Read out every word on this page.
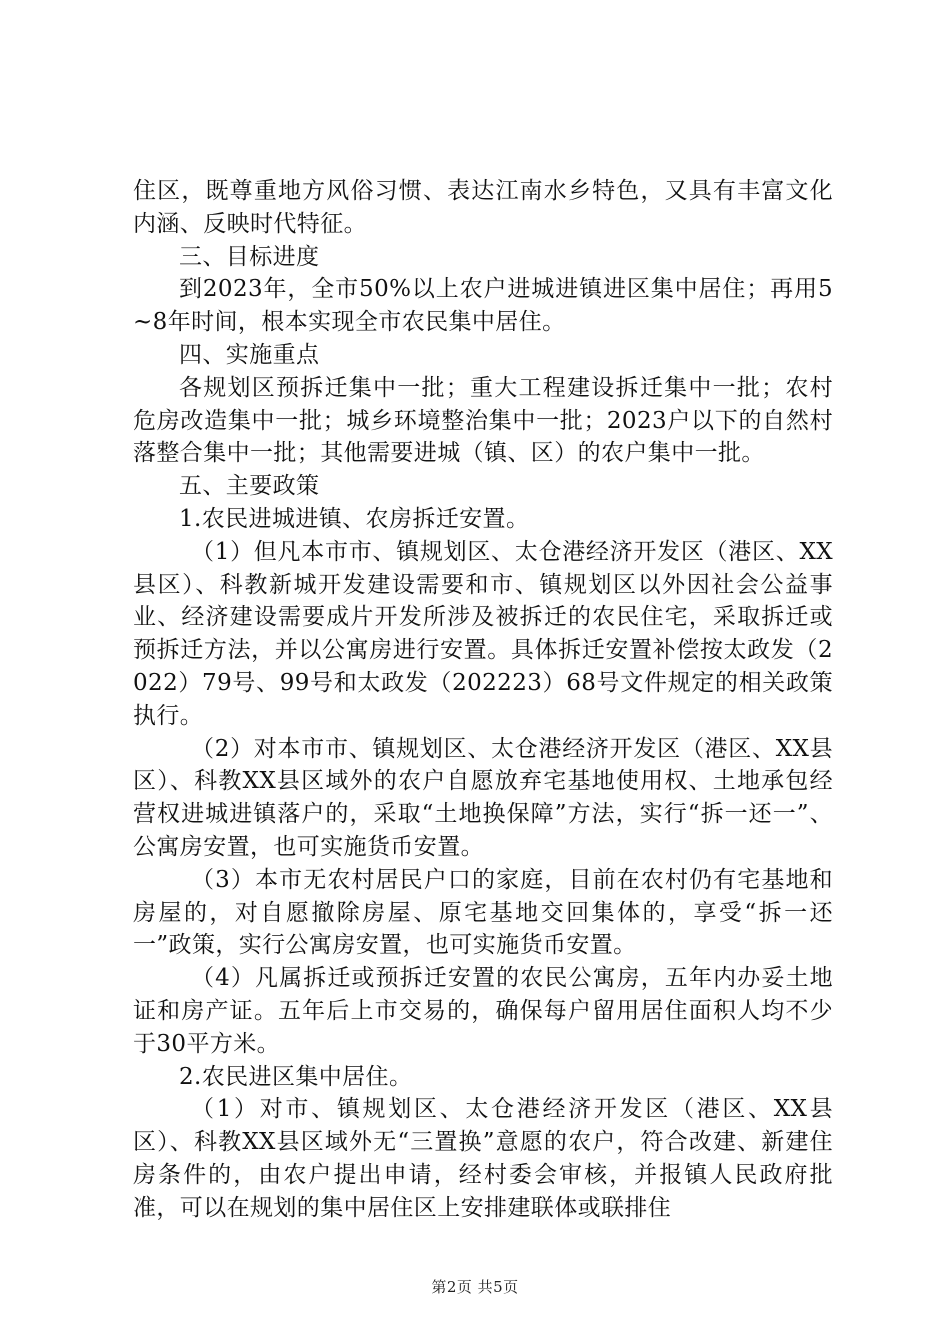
住区，既尊重地方风俗习惯、表达江南水乡特色，又具有丰富文化内涵、反映时代特征。

三、目标进度

到2023年，全市50%以上农户进城进镇进区集中居住；再用5~8年时间，根本实现全市农民集中居住。

四、实施重点

各规划区预拆迁集中一批；重大工程建设拆迁集中一批；农村危房改造集中一批；城乡环境整治集中一批；2023户以下的自然村落整合集中一批；其他需要进城（镇、区）的农户集中一批。

五、主要政策

1.农民进城进镇、农房拆迁安置。

（1）但凡本市市、镇规划区、太仓港经济开发区（港区、XX县区）、科教新城开发建设需要和市、镇规划区以外因社会公益事业、经济建设需要成片开发所涉及被拆迁的农民住宅，采取拆迁或预拆迁方法，并以公寓房进行安置。具体拆迁安置补偿按太政发（2022）79号、99号和太政发（202223）68号文件规定的相关政策执行。

（2）对本市市、镇规划区、太仓港经济开发区（港区、XX县区）、科教XX县区域外的农户自愿放弃宅基地使用权、土地承包经营权进城进镇落户的，采取“土地换保障”方法，实行“拆一还一”、公寓房安置，也可实施货币安置。

（3）本市无农村居民户口的家庭，目前在农村仍有宅基地和房屋的，对自愿撤除房屋、原宅基地交回集体的，享受“拆一还一”政策，实行公寓房安置，也可实施货币安置。

（4）凡属拆迁或预拆迁安置的农民公寓房，五年内办妥土地证和房产证。五年后上市交易的，确保每户留用居住面积人均不少于30平方米。

2.农民进区集中居住。

（1）对市、镇规划区、太仓港经济开发区（港区、XX县区）、科教XX县区域外无“三置换”意愿的农户，符合改建、新建住房条件的，由农户提出申请，经村委会审核，并报镇人民政府批准，可以在规划的集中居住区上安排建联体或联排住

第2页 共5页
